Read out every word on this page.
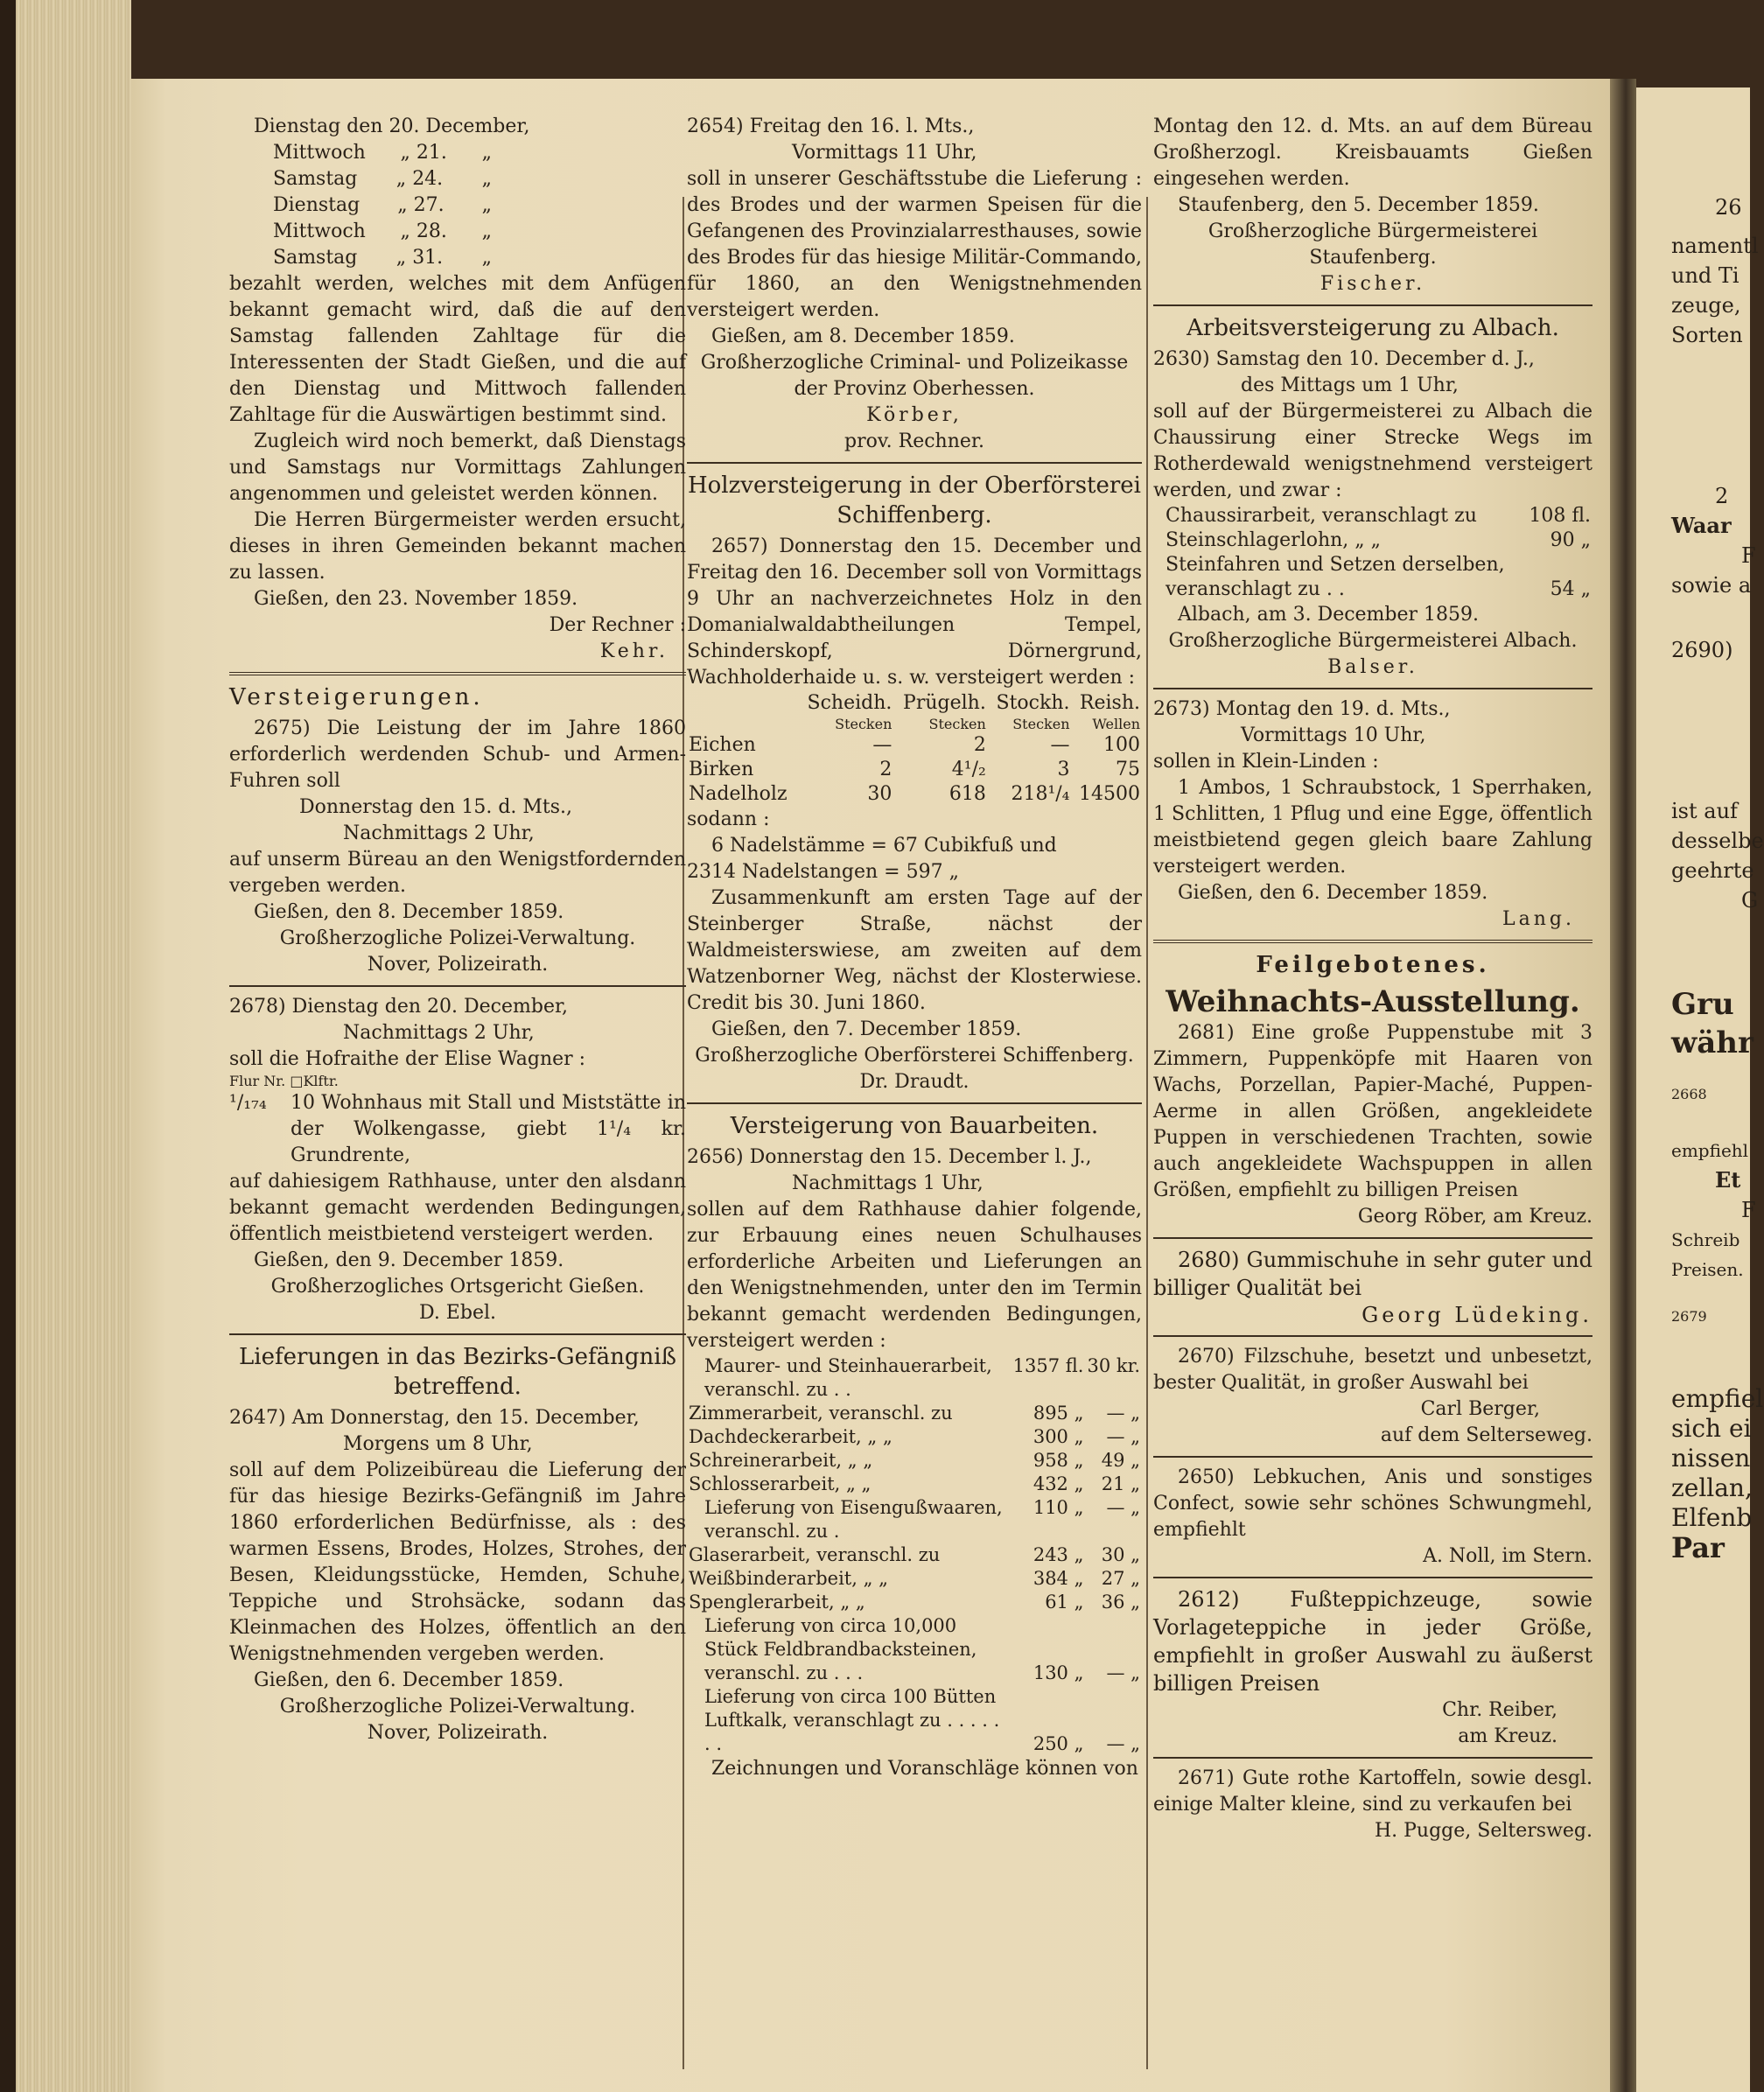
Dienstag den 20. December,

Mittwoch „ 21. „
Samstag „ 24. „
Dienstag „ 27. „
Mittwoch „ 28. „
Samstag „ 31. „

bezahlt werden, welches mit dem Anfügen bekannt gemacht wird, daß die auf den Samstag fallenden Zahltage für die Interessenten der Stadt Gießen, und die auf den Dienstag und Mittwoch fallenden Zahltage für die Auswärtigen bestimmt sind.

Zugleich wird noch bemerkt, daß Dienstags und Samstags nur Vormittags Zahlungen angenommen und geleistet werden können.

Die Herren Bürgermeister werden ersucht, dieses in ihren Gemeinden bekannt machen zu lassen.

Gießen, den 23. November 1859.

Der Rechner :

Kehr.

Versteigerungen.

2675) Die Leistung der im Jahre 1860 erforderlich werdenden Schub- und Armen-Fuhren soll

Donnerstag den 15. d. Mts.,

Nachmittags 2 Uhr,

auf unserm Büreau an den Wenigstfordernden vergeben werden.

Gießen, den 8. December 1859.

Großherzogliche Polizei-Verwaltung.

Nover, Polizeirath.

2678) Dienstag den 20. December,

Nachmittags 2 Uhr,

soll die Hofraithe der Elise Wagner :

Flur Nr. □Klftr.

¹/₁₇₄	10 Wohnhaus mit Stall und Miststätte in der Wolkengasse, giebt 1¹/₄ kr. Grundrente,

auf dahiesigem Rathhause, unter den alsdann bekannt gemacht werdenden Bedingungen, öffentlich meistbietend versteigert werden.

Gießen, den 9. December 1859.

Großherzogliches Ortsgericht Gießen.

D. Ebel.

Lieferungen in das Bezirks-Gefängniß betreffend.

2647) Am Donnerstag, den 15. December,

Morgens um 8 Uhr,

soll auf dem Polizeibüreau die Lieferung der für das hiesige Bezirks-Gefängniß im Jahre 1860 erforderlichen Bedürfnisse, als : des warmen Essens, Brodes, Holzes, Strohes, der Besen, Kleidungsstücke, Hemden, Schuhe, Teppiche und Strohsäcke, sodann das Kleinmachen des Holzes, öffentlich an den Wenigstnehmenden vergeben werden.

Gießen, den 6. December 1859.

Großherzogliche Polizei-Verwaltung.

Nover, Polizeirath.

2654) Freitag den 16. l. Mts.,

Vormittags 11 Uhr,

soll in unserer Geschäftsstube die Lieferung : des Brodes und der warmen Speisen für die Gefangenen des Provinzialarresthauses, sowie des Brodes für das hiesige Militär-Commando, für 1860, an den Wenigstnehmenden versteigert werden.

Gießen, am 8. December 1859.

Großherzogliche Criminal- und Polizeikasse der Provinz Oberhessen.

Körber,

prov. Rechner.

Holzversteigerung in der Oberförsterei Schiffenberg.

2657) Donnerstag den 15. December und Freitag den 16. December soll von Vormittags 9 Uhr an nachverzeichnetes Holz in den Domanialwaldabtheilungen Tempel, Schinderskopf, Dörnergrund, Wachholderhaide u. s. w. versteigert werden :

	Scheidh.	Prügelh.	Stockh.	Reish.
	Stecken	Stecken	Stecken	Wellen
Eichen	—	2	—	100
Birken	2	4¹/₂	3	75
Nadelholz	30	618	218¹/₄	14500

sodann :

6 Nadelstämme = 67 Cubikfuß und

2314 Nadelstangen = 597 „

Zusammenkunft am ersten Tage auf der Steinberger Straße, nächst der Waldmeisterswiese, am zweiten auf dem Watzenborner Weg, nächst der Klosterwiese. Credit bis 30. Juni 1860.

Gießen, den 7. December 1859.

Großherzogliche Oberförsterei Schiffenberg.

Dr. Draudt.

Versteigerung von Bauarbeiten.

2656) Donnerstag den 15. December l. J.,

Nachmittags 1 Uhr,

sollen auf dem Rathhause dahier folgende, zur Erbauung eines neuen Schulhauses erforderliche Arbeiten und Lieferungen an den Wenigstnehmenden, unter den im Termin bekannt gemacht werdenden Bedingungen, versteigert werden :

Maurer- und Steinhauerarbeit, veranschl. zu . .	1357 fl.	30 kr.
Zimmerarbeit, veranschl. zu	895 „	— „
Dachdeckerarbeit, „ „	300 „	— „
Schreinerarbeit, „ „	958 „	49 „
Schlosserarbeit, „ „	432 „	21 „
Lieferung von Eisengußwaaren, veranschl. zu .	110 „	— „
Glaserarbeit, veranschl. zu	243 „	30 „
Weißbinderarbeit, „ „	384 „	27 „
Spenglerarbeit, „ „	61 „	36 „
Lieferung von circa 10,000 Stück Feldbrandbacksteinen, veranschl. zu . . .	130 „	— „
Lieferung von circa 100 Bütten Luftkalk, veranschlagt zu . . . . . . .	250 „	— „

Zeichnungen und Voranschläge können von

Montag den 12. d. Mts. an auf dem Büreau Großherzogl. Kreisbauamts Gießen eingesehen werden.

Staufenberg, den 5. December 1859.

Großherzogliche Bürgermeisterei Staufenberg.

Fischer.

Arbeitsversteigerung zu Albach.

2630) Samstag den 10. December d. J.,

des Mittags um 1 Uhr,

soll auf der Bürgermeisterei zu Albach die Chaussirung einer Strecke Wegs im Rotherdewald wenigstnehmend versteigert werden, und zwar :

Chaussirarbeit, veranschlagt zu	108 fl.
Steinschlagerlohn, „ „	90 „
Steinfahren und Setzen derselben, veranschlagt zu . .	54 „

Albach, am 3. December 1859.

Großherzogliche Bürgermeisterei Albach.

Balser.

2673) Montag den 19. d. Mts.,

Vormittags 10 Uhr,

sollen in Klein-Linden :

1 Ambos, 1 Schraubstock, 1 Sperrhaken, 1 Schlitten, 1 Pflug und eine Egge, öffentlich meistbietend gegen gleich baare Zahlung versteigert werden.

Gießen, den 6. December 1859.

Lang.

Feilgebotenes.
Weihnachts-Ausstellung.

2681) Eine große Puppenstube mit 3 Zimmern, Puppenköpfe mit Haaren von Wachs, Porzellan, Papier-Maché, Puppen-Aerme in allen Größen, angekleidete Puppen in verschiedenen Trachten, sowie auch angekleidete Wachspuppen in allen Größen, empfiehlt zu billigen Preisen

Georg Röber, am Kreuz.

2680) Gummischuhe in sehr guter und billiger Qualität bei

Georg Lüdeking.

2670) Filzschuhe, besetzt und unbesetzt, bester Qualität, in großer Auswahl bei

Carl Berger,

auf dem Selterseweg.

2650) Lebkuchen, Anis und sonstiges Confect, sowie sehr schönes Schwungmehl, empfiehlt

A. Noll, im Stern.

2612) Fußteppichzeuge, sowie Vorlageteppiche in jeder Größe, empfiehlt in großer Auswahl zu äußerst billigen Preisen

Chr. Reiber,

am Kreuz.

2671) Gute rothe Kartoffeln, sowie desgl. einige Malter kleine, sind zu verkaufen bei

H. Pugge, Seltersweg.

26

namentl

und Ti

zeuge,

Sorten

2

Waar

F

sowie a

2690)

ist auf

desselbe

geehrte

G

Gru

währ

2668

empfiehl

Et

F

Schreib

Preisen.

2679

empfiel

sich ei

nissen

zellan,

Elfenb

Par
